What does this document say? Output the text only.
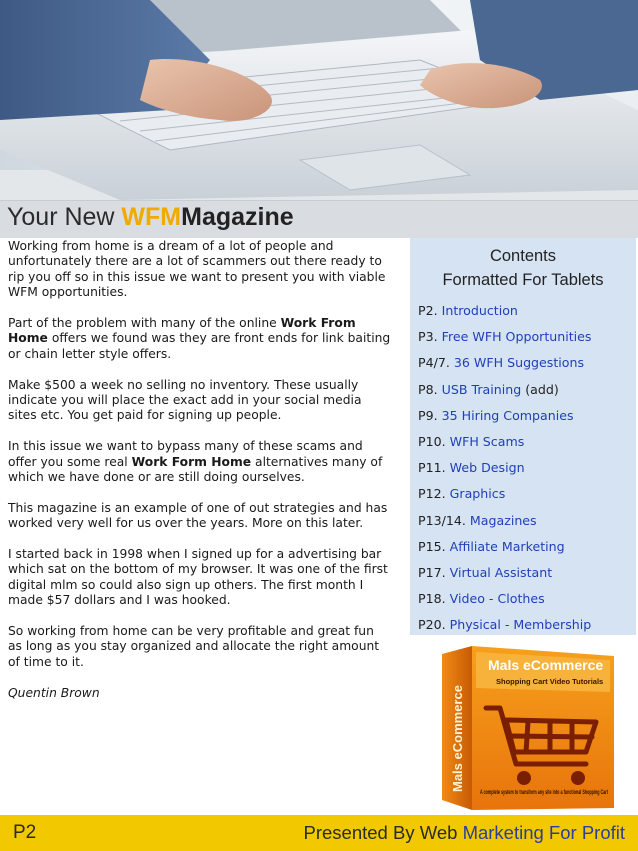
Your New WFMMagazine

Working from home is a dream of a lot of people and unfortunately there are a lot of scammers out there ready to rip you off so in this issue we want to present you with viable WFM opportunities.

Part of the problem with many of the online Work From Home offers we found was they are front ends for link baiting or chain letter style offers.

Make $500 a week no selling no inventory. These usually indicate you will place the exact add in your social media sites etc. You get paid for signing up people.

In this issue we want to bypass many of these scams and offer you some real Work Form Home alternatives many of which we have done or are still doing ourselves.

This magazine is an example of one of out strategies and has worked very well for us over the years. More on this later.

I started back in 1998 when I signed up for a advertising bar which sat on the bottom of my browser. It was one of the first digital mlm so could also sign up others. The first month I made $57 dollars and I was hooked.

So working from home can be very profitable and great fun as long as you stay organized and allocate the right amount of time to it.

Quentin Brown

Contents
Formatted For Tablets
P2. Introduction
P3. Free WFH Opportunities
P4/7. 36 WFH Suggestions
P8. USB Training (add)
P9. 35 Hiring Companies
P10. WFH Scams
P11. Web Design
P12. Graphics
P13/14. Magazines
P15. Affiliate Marketing
P17. Virtual Assistant
P18. Video - Clothes
P20. Physical - Membership
Mals eCommerce
Shopping Cart Video Tutorials
A complete system to transform any site into a functional Shopping Cart
Mals eCommerce
P2	Presented By Web Marketing For Profit
